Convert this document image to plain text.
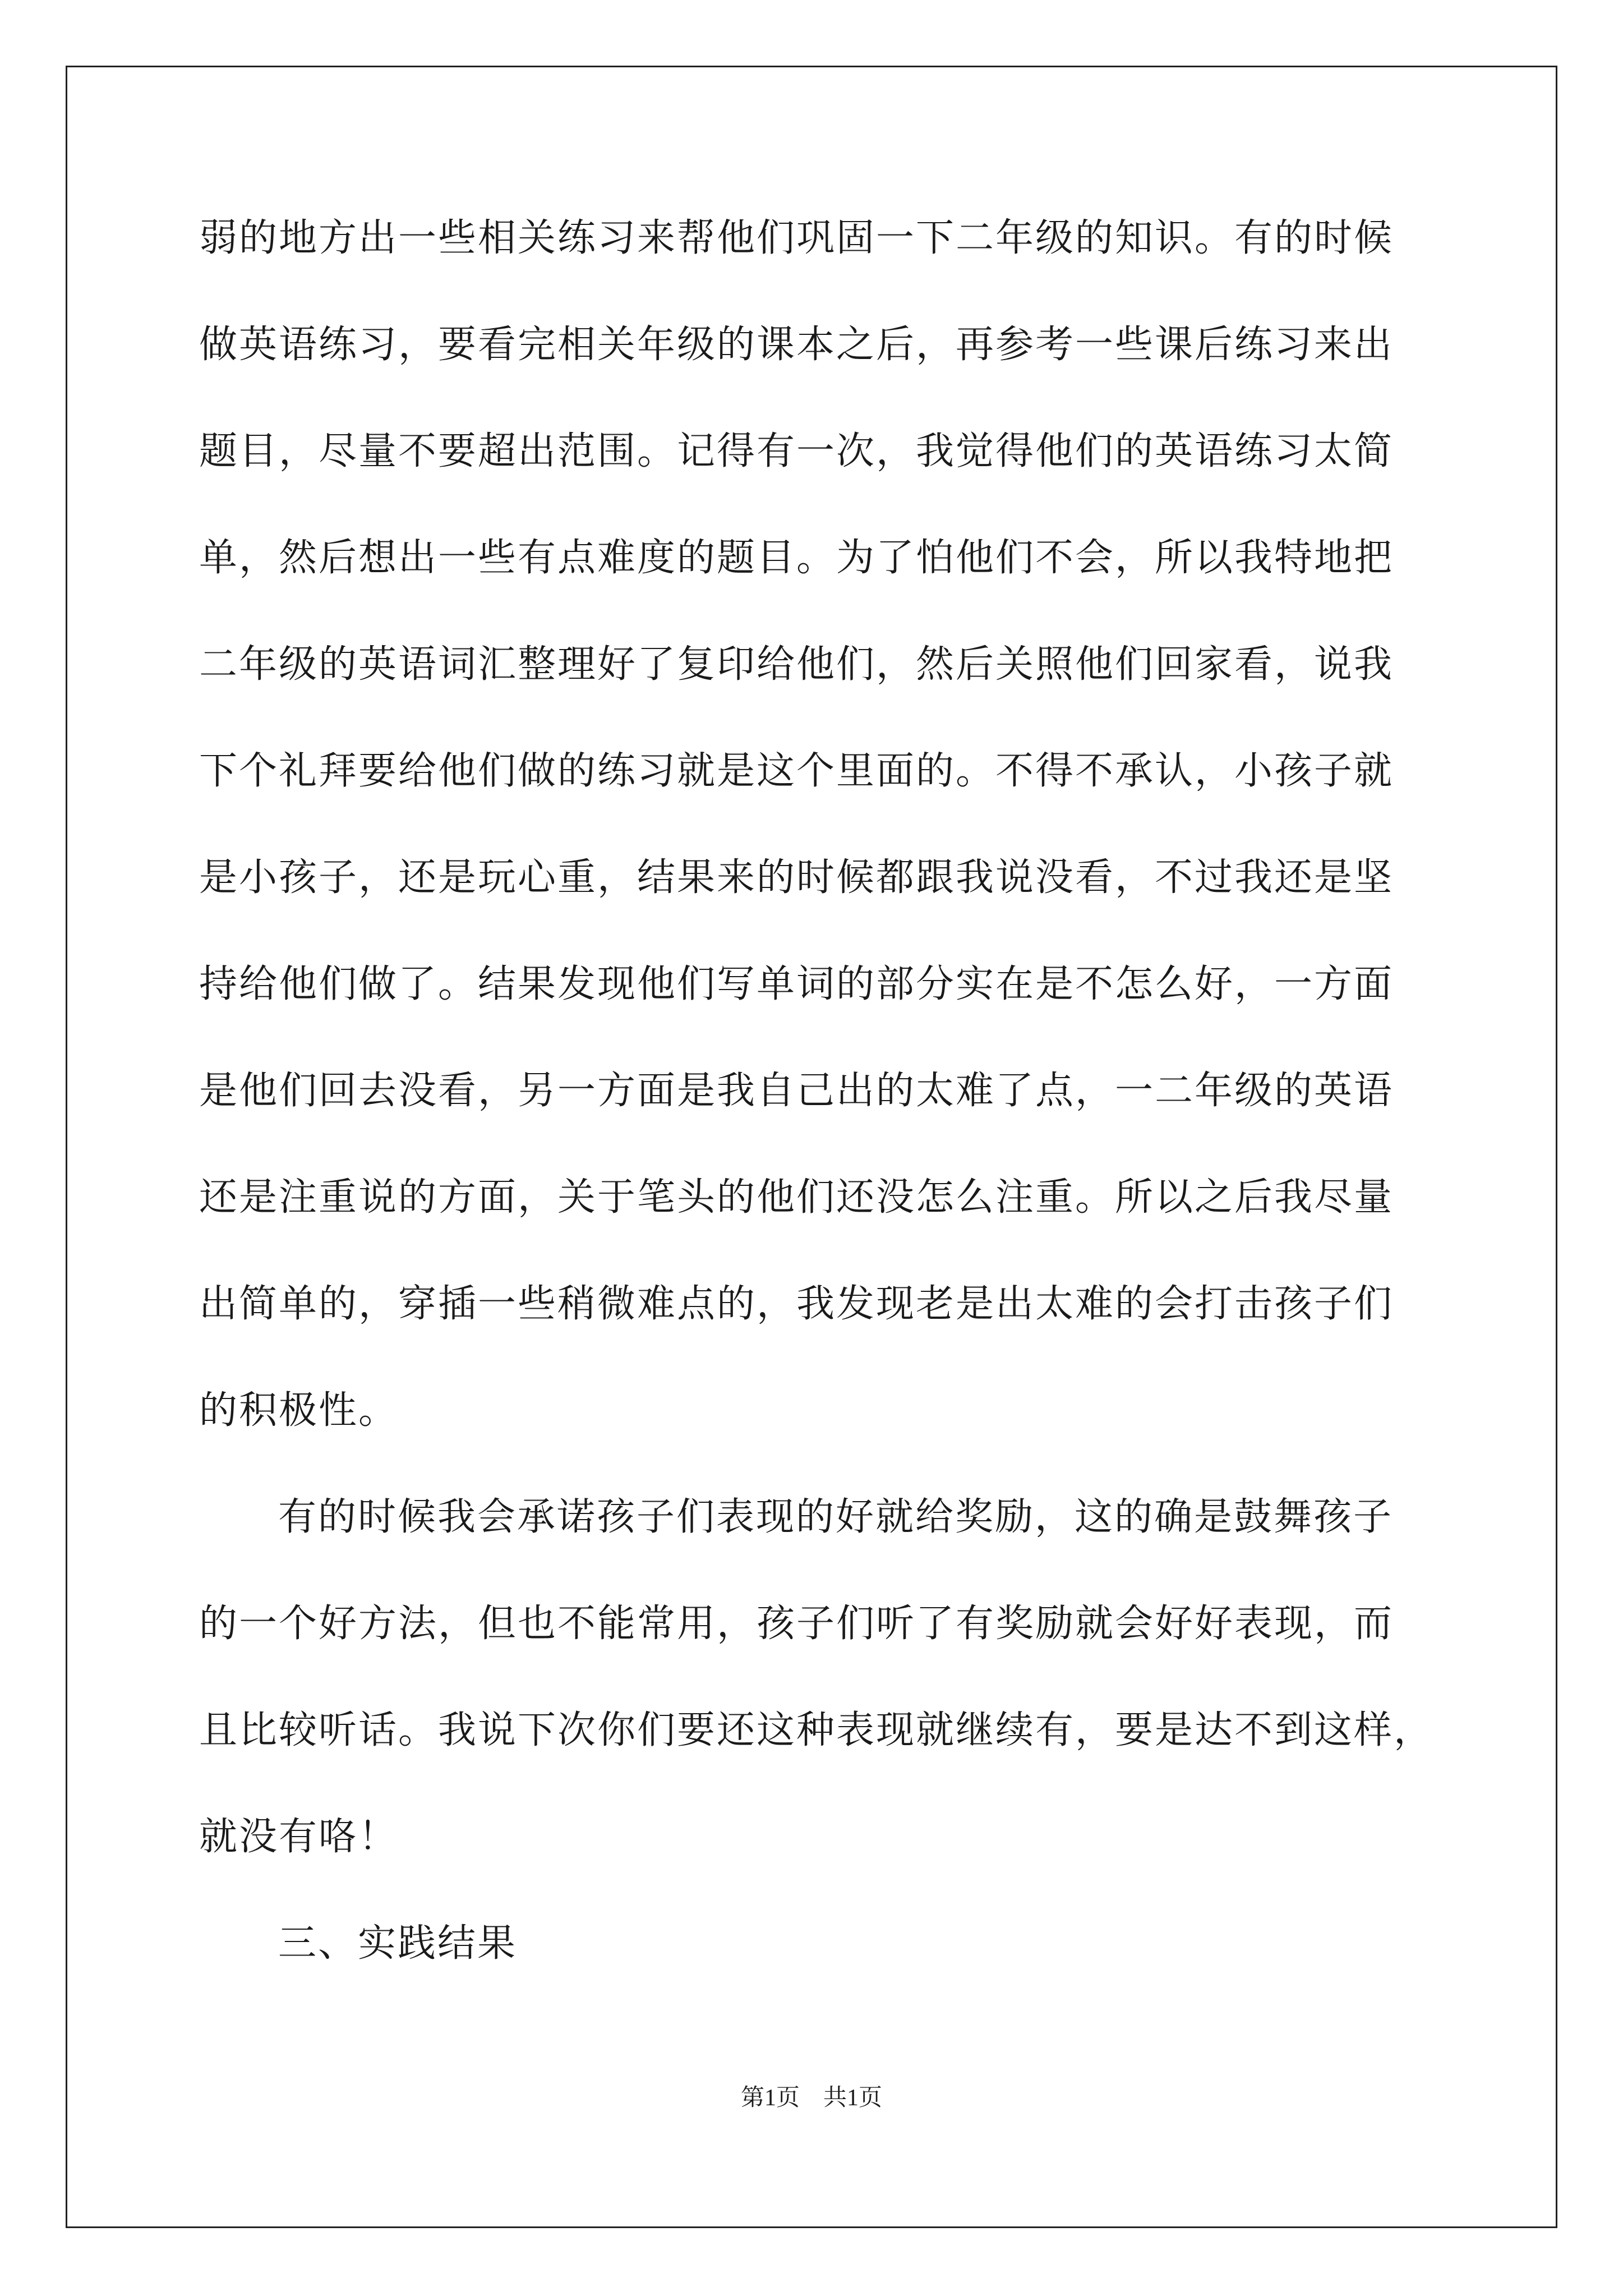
弱的地方出一些相关练习来帮他们巩固一下二年级的知识。有的时候
做英语练习，要看完相关年级的课本之后，再参考一些课后练习来出
题目，尽量不要超出范围。记得有一次，我觉得他们的英语练习太简
单，然后想出一些有点难度的题目。为了怕他们不会，所以我特地把
二年级的英语词汇整理好了复印给他们，然后关照他们回家看，说我
下个礼拜要给他们做的练习就是这个里面的。不得不承认，小孩子就
是小孩子，还是玩心重，结果来的时候都跟我说没看，不过我还是坚
持给他们做了。结果发现他们写单词的部分实在是不怎么好，一方面
是他们回去没看，另一方面是我自己出的太难了点，一二年级的英语
还是注重说的方面，关于笔头的他们还没怎么注重。所以之后我尽量
出简单的，穿插一些稍微难点的，我发现老是出太难的会打击孩子们
的积极性。
有的时候我会承诺孩子们表现的好就给奖励，这的确是鼓舞孩子
的一个好方法，但也不能常用，孩子们听了有奖励就会好好表现，而
且比较听话。我说下次你们要还这种表现就继续有，要是达不到这样，
就没有咯！
三、实践结果
第1页　共1页
